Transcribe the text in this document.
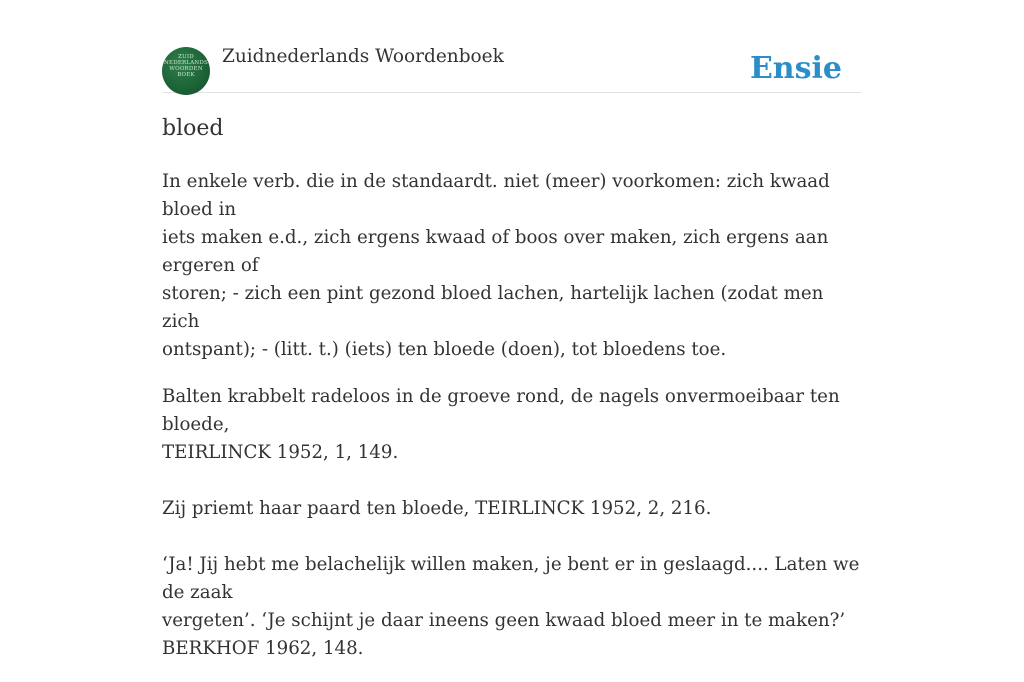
ZUID
NEDERLANDS
WOORDEN
BOEK
Zuidnederlands Woordenboek	Ensie
bloed

In enkele verb. die in de standaardt. niet (meer) voorkomen: zich kwaad bloed in
iets maken e.d., zich ergens kwaad of boos over maken, zich ergens aan ergeren of
storen; - zich een pint gezond bloed lachen, hartelijk lachen (zodat men zich
ontspant); - (litt. t.) (iets) ten bloede (doen), tot bloedens toe.

Balten krabbelt radeloos in de groeve rond, de nagels onvermoeibaar ten bloede,
TEIRLINCK 1952, 1, 149.

Zij priemt haar paard ten bloede, TEIRLINCK 1952, 2, 216.

‘Ja! Jij hebt me belachelijk willen maken, je bent er in geslaagd.... Laten we de zaak
vergeten’. ‘Je schijnt je daar ineens geen kwaad bloed meer in te maken?’
BERKHOF 1962, 148.
